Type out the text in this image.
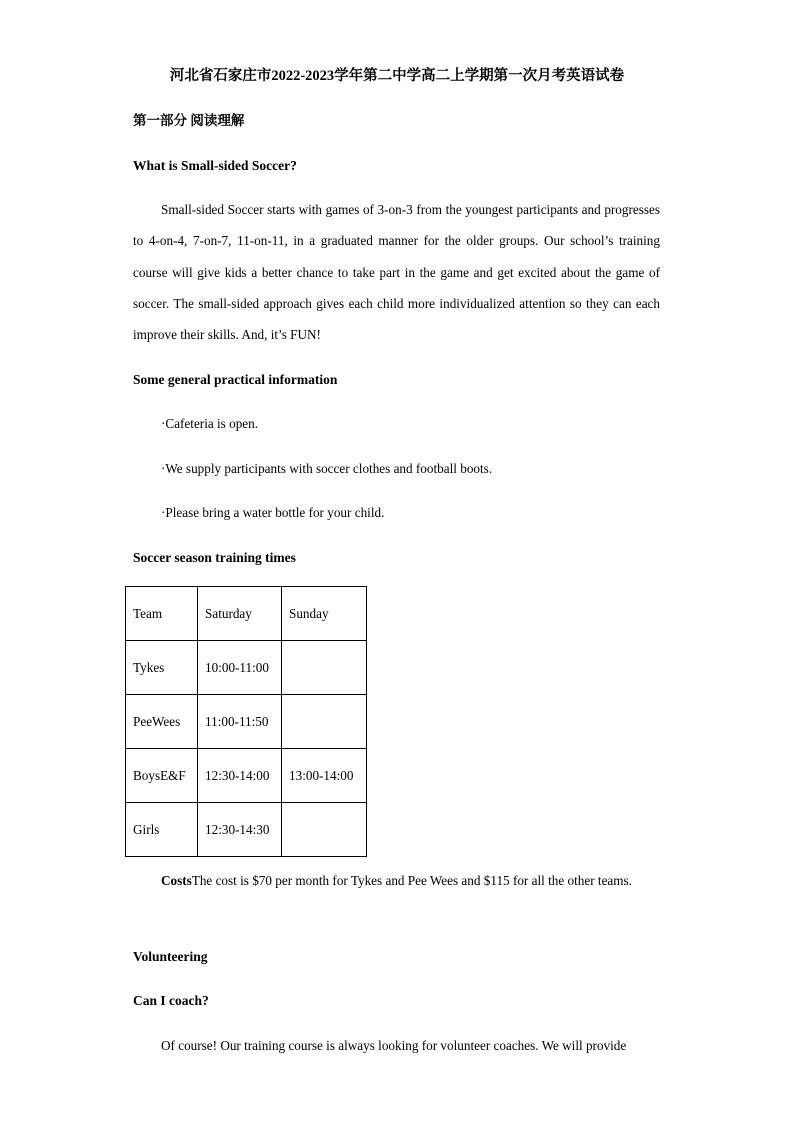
河北省石家庄市2022-2023学年第二中学高二上学期第一次月考英语试卷
第一部分 阅读理解
What is Small-sided Soccer?
Small-sided Soccer starts with games of 3-on-3 from the youngest participants and progresses to 4-on-4, 7-on-7, 11-on-11, in a graduated manner for the older groups. Our school’s training course will give kids a better chance to take part in the game and get excited about the game of soccer. The small-sided approach gives each child more individualized attention so they can each improve their skills. And, it’s FUN!
Some general practical information
·Cafeteria is open.
·We supply participants with soccer clothes and football boots.
·Please bring a water bottle for your child.
Soccer season training times
Team	Saturday	Sunday
Tykes	10:00-11:00	
PeeWees	11:00-11:50	
BoysE&F	12:30-14:00	13:00-14:00
Girls	12:30-14:30	
CostsThe cost is $70 per month for Tykes and Pee Wees and $115 for all the other teams.
Volunteering
Can I coach?
Of course! Our training course is always looking for volunteer coaches. We will provide
